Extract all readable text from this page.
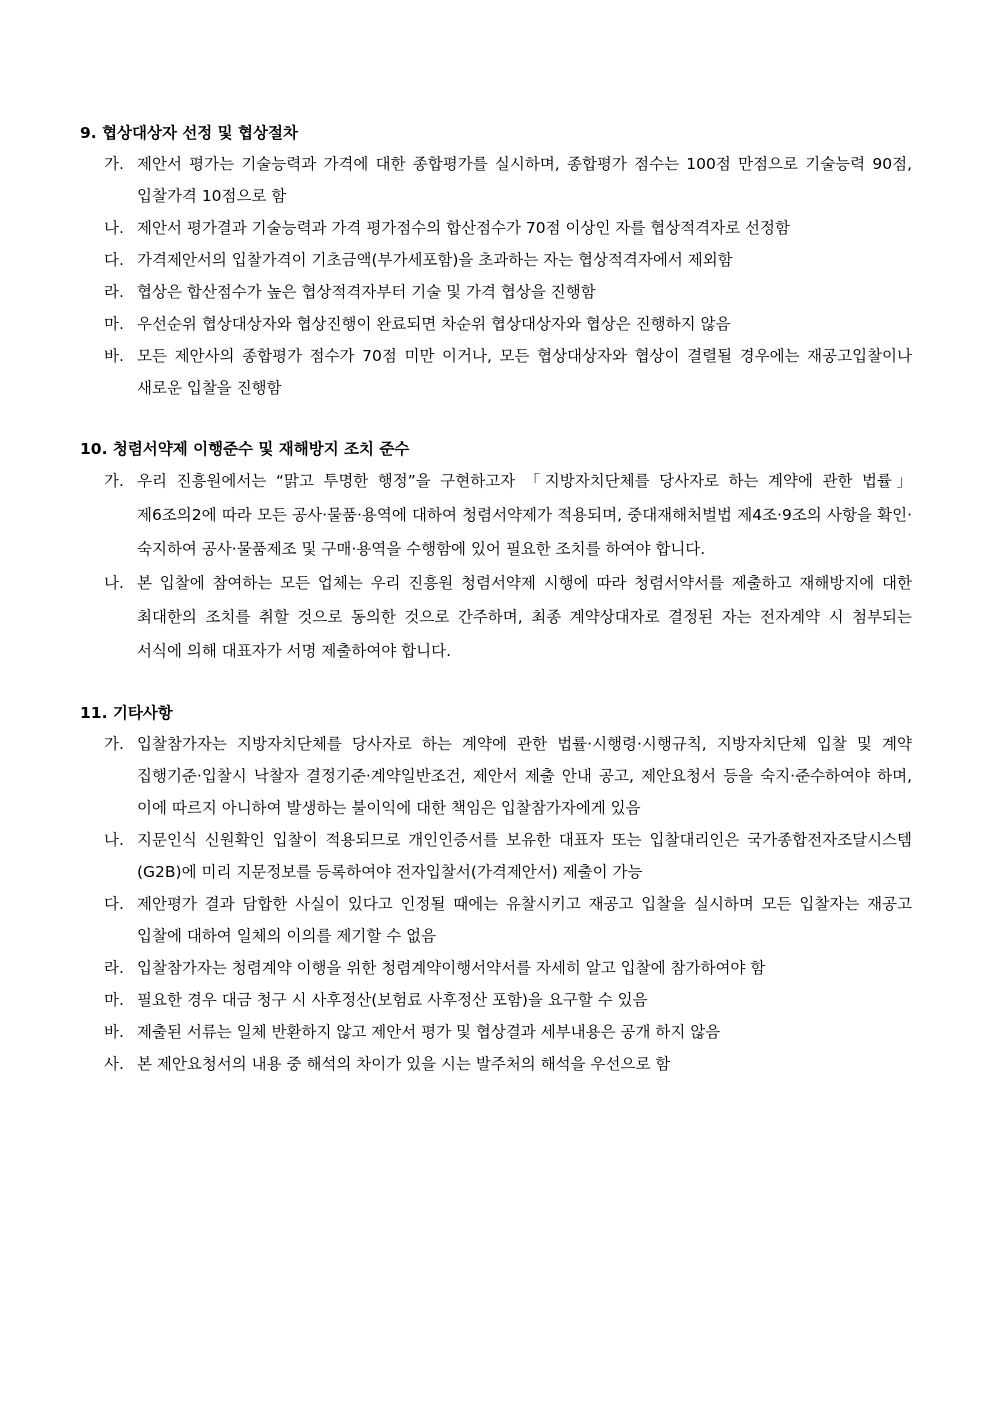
9. 협상대상자 선정 및 협상절차
가. 제안서 평가는 기술능력과 가격에 대한 종합평가를 실시하며, 종합평가 점수는 100점 만점으로 기술능력 90점, 입찰가격 10점으로 함
나. 제안서 평가결과 기술능력과 가격 평가점수의 합산점수가 70점 이상인 자를 협상적격자로 선정함
다. 가격제안서의 입찰가격이 기초금액(부가세포함)을 초과하는 자는 협상적격자에서 제외함
라. 협상은 합산점수가 높은 협상적격자부터 기술 및 가격 협상을 진행함
마. 우선순위 협상대상자와 협상진행이 완료되면 차순위 협상대상자와 협상은 진행하지 않음
바. 모든 제안사의 종합평가 점수가 70점 미만 이거나, 모든 협상대상자와 협상이 결렬될 경우에는 재공고입찰이나 새로운 입찰을 진행함
10. 청렴서약제 이행준수 및 재해방지 조치 준수
가. 우리 진흥원에서는 “맑고 투명한 행정”을 구현하고자 「지방자치단체를 당사자로 하는 계약에 관한 법률」 제6조의2에 따라 모든 공사·물품·용역에 대하여 청렴서약제가 적용되며, 중대재해처벌법 제4조·9조의 사항을 확인·숙지하여 공사·물품제조 및 구매·용역을 수행함에 있어 필요한 조치를 하여야 합니다.
나. 본 입찰에 참여하는 모든 업체는 우리 진흥원 청렴서약제 시행에 따라 청렴서약서를 제출하고 재해방지에 대한 최대한의 조치를 취할 것으로 동의한 것으로 간주하며, 최종 계약상대자로 결정된 자는 전자계약 시 첨부되는 서식에 의해 대표자가 서명 제출하여야 합니다.
11. 기타사항
가. 입찰참가자는 지방자치단체를 당사자로 하는 계약에 관한 법률·시행령·시행규칙, 지방자치단체 입찰 및 계약 집행기준·입찰시 낙찰자 결정기준·계약일반조건, 제안서 제출 안내 공고, 제안요청서 등을 숙지·준수하여야 하며, 이에 따르지 아니하여 발생하는 불이익에 대한 책임은 입찰참가자에게 있음
나. 지문인식 신원확인 입찰이 적용되므로 개인인증서를 보유한 대표자 또는 입찰대리인은 국가종합전자조달시스템(G2B)에 미리 지문정보를 등록하여야 전자입찰서(가격제안서) 제출이 가능
다. 제안평가 결과 담합한 사실이 있다고 인정될 때에는 유찰시키고 재공고 입찰을 실시하며 모든 입찰자는 재공고 입찰에 대하여 일체의 이의를 제기할 수 없음
라. 입찰참가자는 청렴계약 이행을 위한 청렴계약이행서약서를 자세히 알고 입찰에 참가하여야 함
마. 필요한 경우 대금 청구 시 사후정산(보험료 사후정산 포함)을 요구할 수 있음
바. 제출된 서류는 일체 반환하지 않고 제안서 평가 및 협상결과 세부내용은 공개 하지 않음
사. 본 제안요청서의 내용 중 해석의 차이가 있을 시는 발주처의 해석을 우선으로 함
